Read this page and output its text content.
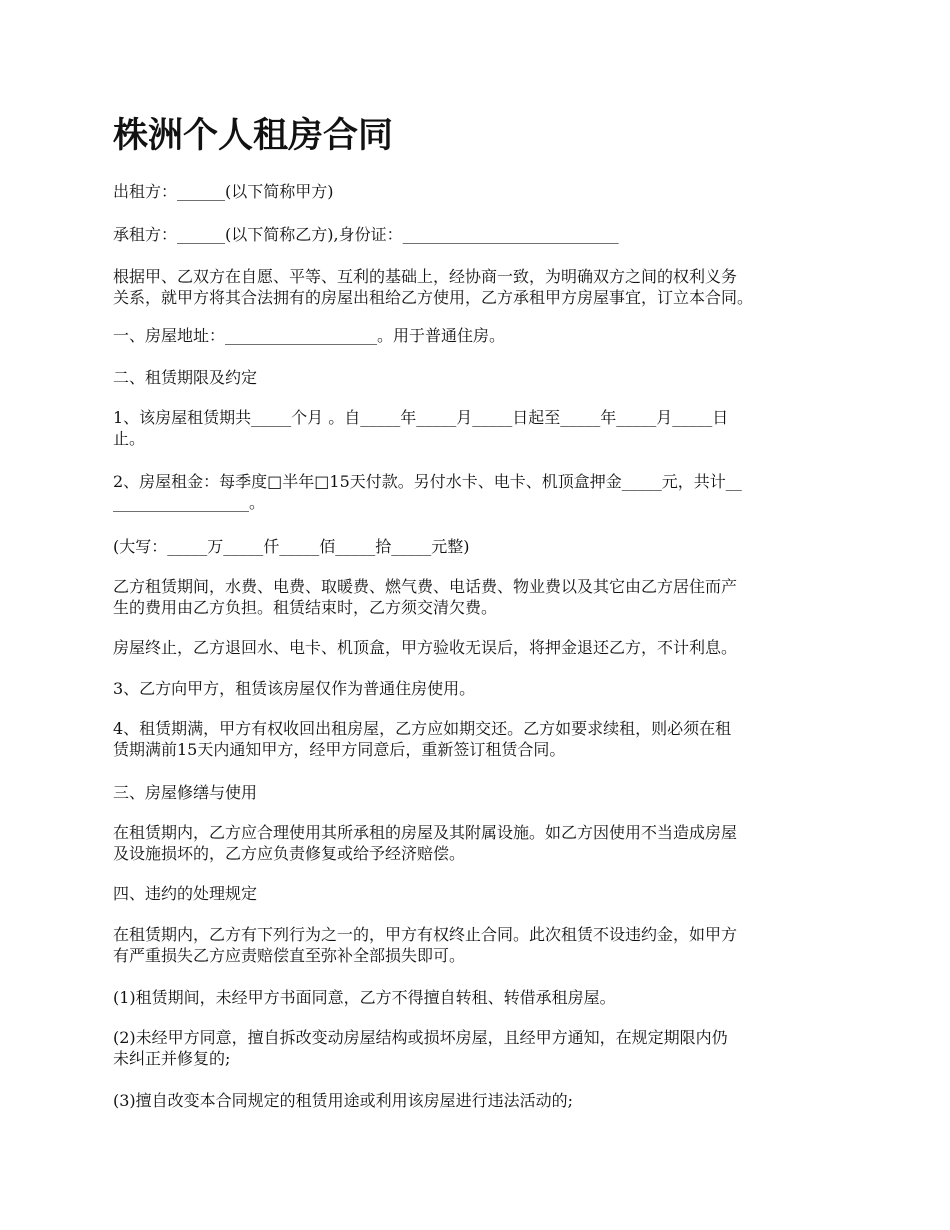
株洲个人租房合同

出租方：______(以下简称甲方)

承租方：______(以下简称乙方),身份证：___________________________

根据甲、乙双方在自愿、平等、互利的基础上，经协商一致，为明确双方之间的权利义务
关系，就甲方将其合法拥有的房屋出租给乙方使用，乙方承租甲方房屋事宜，订立本合同。

一、房屋地址：___________________。用于普通住房。

二、租赁期限及约定

1、该房屋租赁期共_____个月 。自_____年_____月_____日起至_____年_____月_____日
止。

2、房屋租金：每季度□半年□15天付款。另付水卡、电卡、机顶盒押金_____元，共计__
_________________。

(大写：_____万_____仟_____佰_____拾_____元整)

乙方租赁期间，水费、电费、取暖费、燃气费、电话费、物业费以及其它由乙方居住而产
生的费用由乙方负担。租赁结束时，乙方须交清欠费。

房屋终止，乙方退回水、电卡、机顶盒，甲方验收无误后，将押金退还乙方，不计利息。

3、乙方向甲方，租赁该房屋仅作为普通住房使用。

4、租赁期满，甲方有权收回出租房屋，乙方应如期交还。乙方如要求续租，则必须在租
赁期满前15天内通知甲方，经甲方同意后，重新签订租赁合同。

三、房屋修缮与使用

在租赁期内，乙方应合理使用其所承租的房屋及其附属设施。如乙方因使用不当造成房屋
及设施损坏的，乙方应负责修复或给予经济赔偿。

四、违约的处理规定

在租赁期内，乙方有下列行为之一的，甲方有权终止合同。此次租赁不设违约金，如甲方
有严重损失乙方应责赔偿直至弥补全部损失即可。

(1)租赁期间，未经甲方书面同意，乙方不得擅自转租、转借承租房屋。

(2)未经甲方同意，擅自拆改变动房屋结构或损坏房屋，且经甲方通知，在规定期限内仍
未纠正并修复的;

(3)擅自改变本合同规定的租赁用途或利用该房屋进行违法活动的;
